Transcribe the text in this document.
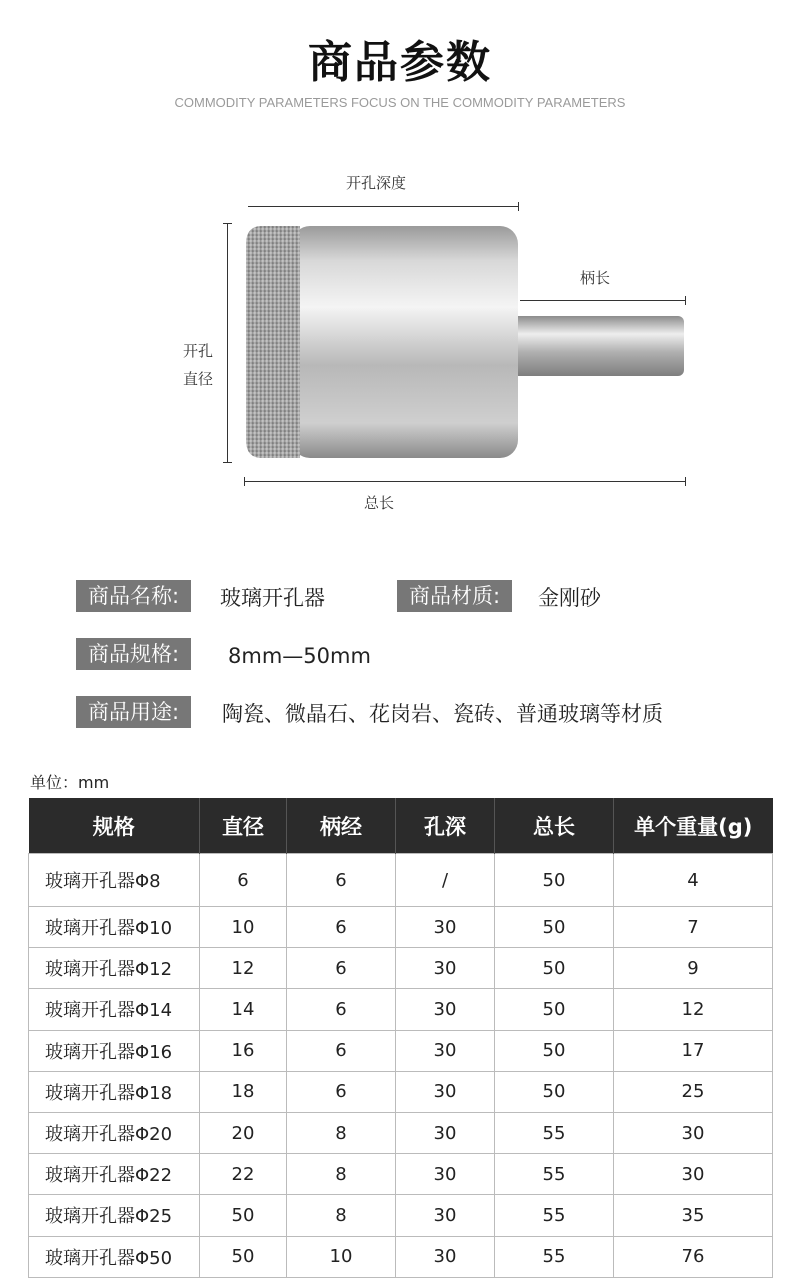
商品参数
COMMODITY PARAMETERS FOCUS ON THE COMMODITY PARAMETERS
开孔深度
柄长
开孔
直径
总长
商品名称:	玻璃开孔器	商品材质:	金刚砂
商品规格:	8mm—50mm
商品用途:	陶瓷、微晶石、花岗岩、瓷砖、普通玻璃等材质
单位：mm
规格	直径	柄经	孔深	总长	单个重量(g)
玻璃开孔器Φ8	6	6	/	50	4
玻璃开孔器Φ10	10	6	30	50	7
玻璃开孔器Φ12	12	6	30	50	9
玻璃开孔器Φ14	14	6	30	50	12
玻璃开孔器Φ16	16	6	30	50	17
玻璃开孔器Φ18	18	6	30	50	25
玻璃开孔器Φ20	20	8	30	55	30
玻璃开孔器Φ22	22	8	30	55	30
玻璃开孔器Φ25	50	8	30	55	35
玻璃开孔器Φ50	50	10	30	55	76
